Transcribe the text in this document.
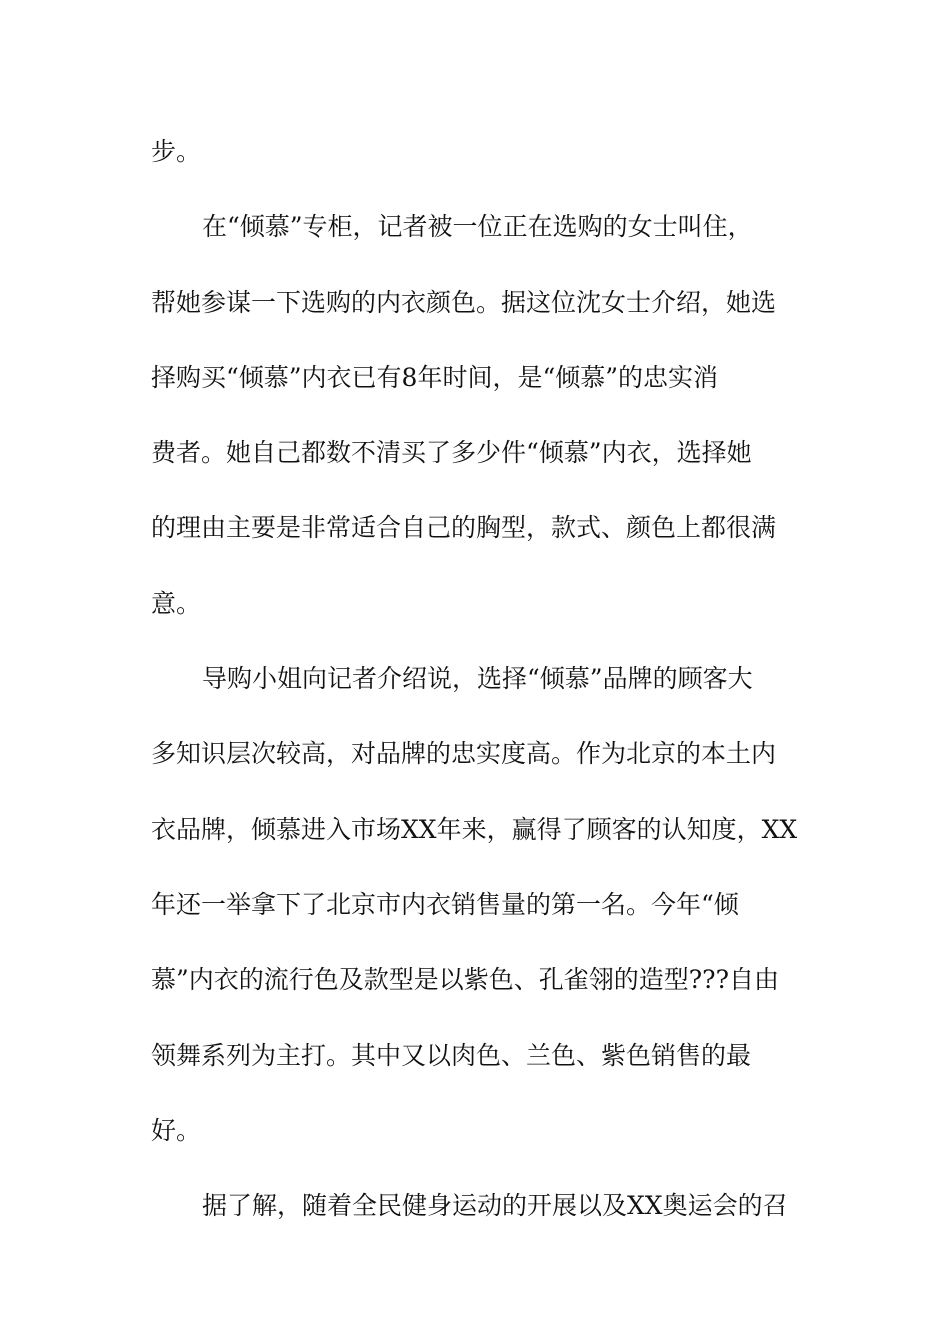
步。
在“倾慕”专柜，记者被一位正在选购的女士叫住，
帮她参谋一下选购的内衣颜色。据这位沈女士介绍，她选
择购买“倾慕”内衣已有8年时间，是“倾慕”的忠实消
费者。她自己都数不清买了多少件“倾慕”内衣，选择她
的理由主要是非常适合自己的胸型，款式、颜色上都很满
意。
导购小姐向记者介绍说，选择“倾慕”品牌的顾客大
多知识层次较高，对品牌的忠实度高。作为北京的本土内
衣品牌，倾慕进入市场XX年来，赢得了顾客的认知度，XX
年还一举拿下了北京市内衣销售量的第一名。今年“倾
慕”内衣的流行色及款型是以紫色、孔雀翎的造型???自由
领舞系列为主打。其中又以肉色、兰色、紫色销售的最
好。
据了解，随着全民健身运动的开展以及XX奥运会的召
